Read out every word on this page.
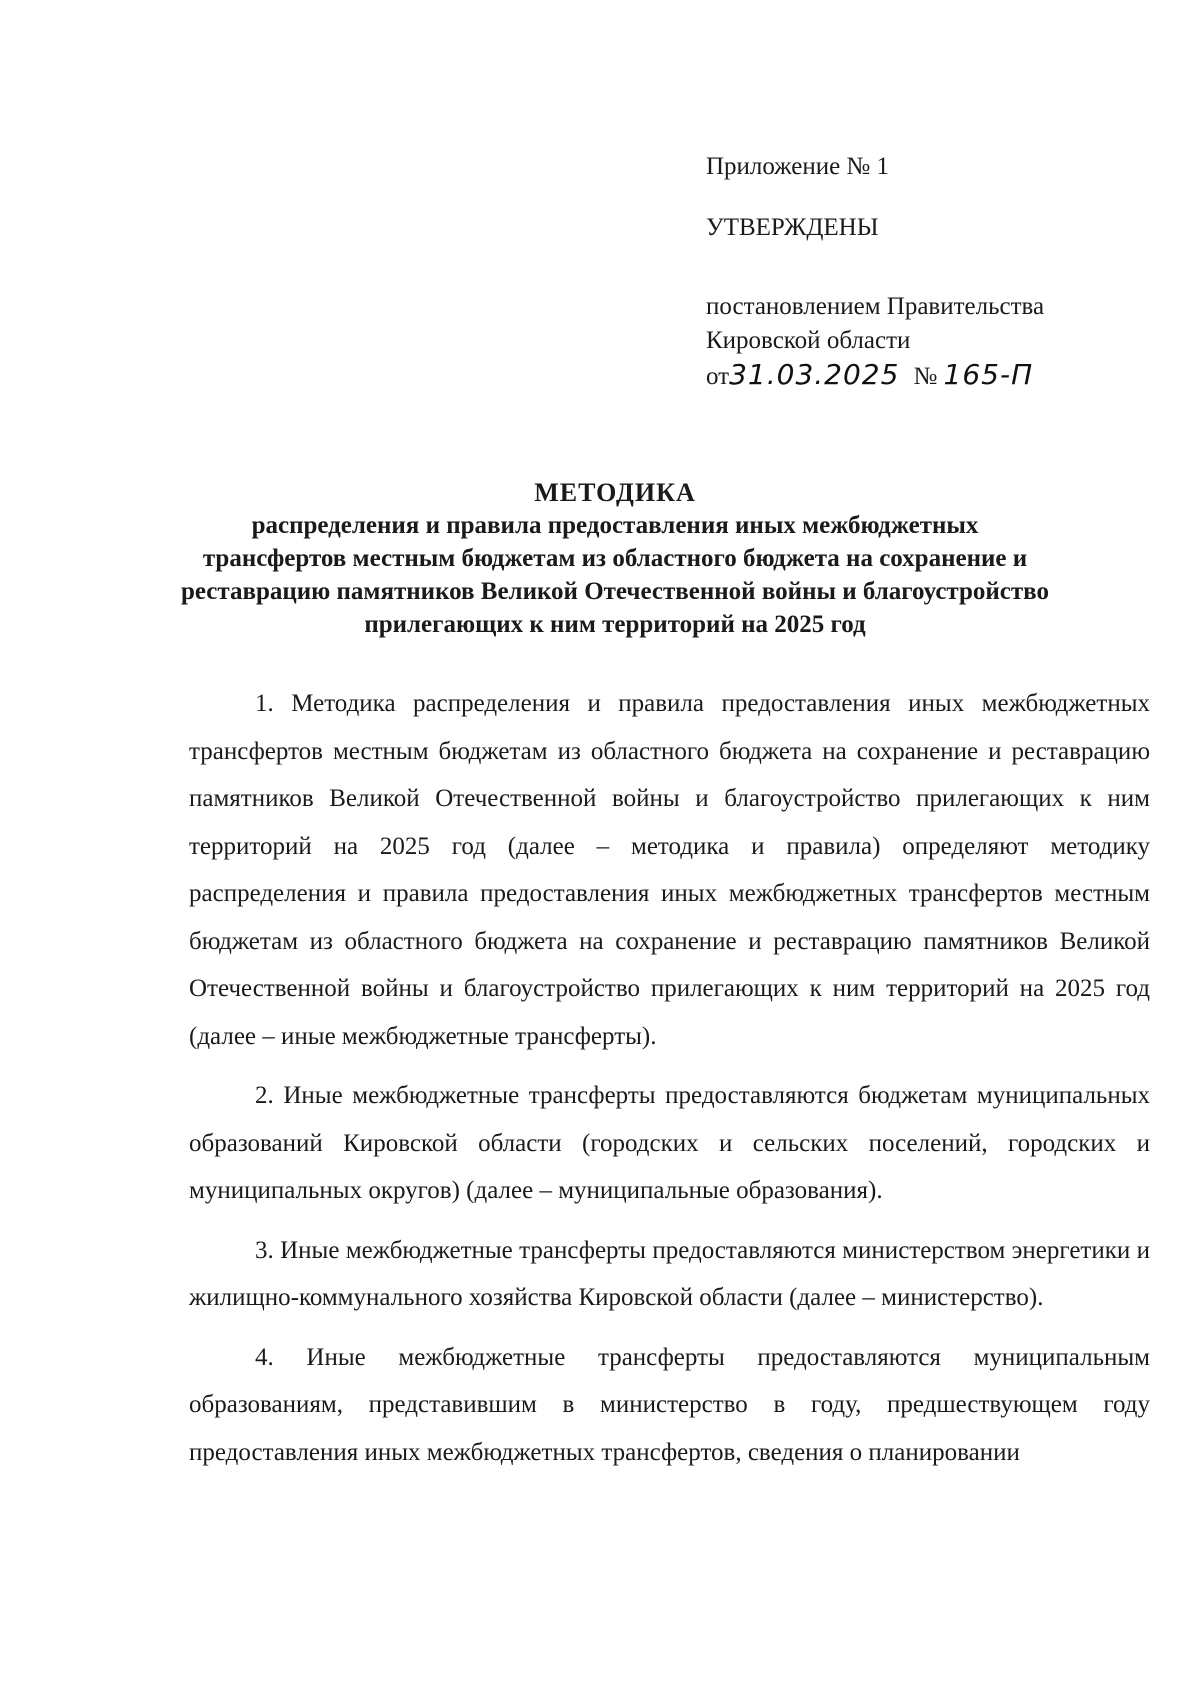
Приложение № 1
УТВЕРЖДЕНЫ
постановлением Правительства
Кировской области
от31.03.2025 № 165-П
МЕТОДИКА
распределения и правила предоставления иных межбюджетных трансфертов местным бюджетам из областного бюджета на сохранение и реставрацию памятников Великой Отечественной войны и благоустройство прилегающих к ним территорий на 2025 год

1. Методика распределения и правила предоставления иных межбюджетных трансфертов местным бюджетам из областного бюджета на сохранение и реставрацию памятников Великой Отечественной войны и благоустройство прилегающих к ним территорий на 2025 год (далее – методика и правила) определяют методику распределения и правила предоставления иных межбюджетных трансфертов местным бюджетам из областного бюджета на сохранение и реставрацию памятников Великой Отечественной войны и благоустройство прилегающих к ним территорий на 2025 год (далее – иные межбюджетные трансферты).

2. Иные межбюджетные трансферты предоставляются бюджетам муниципальных образований Кировской области (городских и сельских поселений, городских и муниципальных округов) (далее – муниципальные образования).

3. Иные межбюджетные трансферты предоставляются министерством энергетики и жилищно-коммунального хозяйства Кировской области (далее – министерство).

4. Иные межбюджетные трансферты предоставляются муниципальным образованиям, представившим в министерство в году, предшествующем году предоставления иных межбюджетных трансфертов, сведения о планировании
